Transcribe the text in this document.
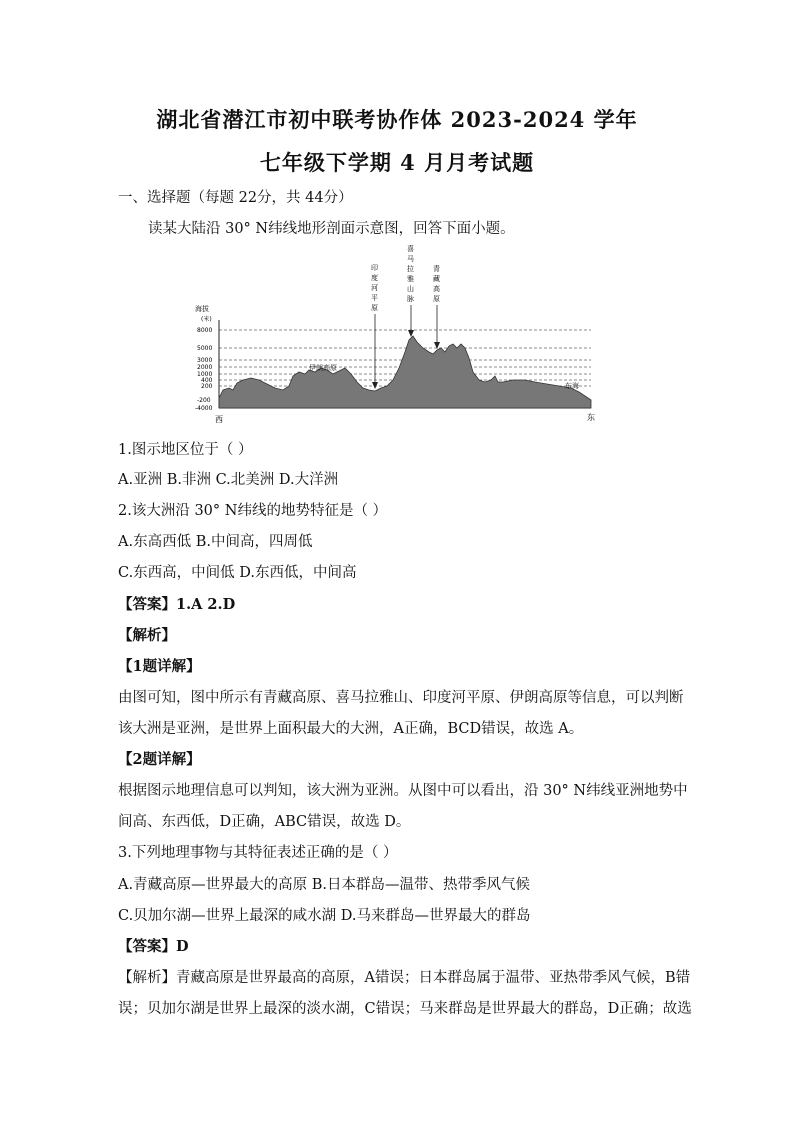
湖北省潜江市初中联考协作体 2023-2024 学年
七年级下学期 4 月月考试题
一、选择题（每题 22分，共 44分）
读某大陆沿 30° N纬线地形剖面示意图，回答下面小题。
海拔
(米)
8000
5000
3000
2000
1000
400
200
-200
-4000
西	东
印
度
河
平
原
喜
马
拉
雅
山
脉
青
藏
高
原
伊朗高原
东海
1.图示地区位于（ ）
A.亚洲 B.非洲 C.北美洲 D.大洋洲
2.该大洲沿 30° N纬线的地势特征是（ ）
A.东高西低 B.中间高，四周低
C.东西高，中间低 D.东西低，中间高
【答案】1.A 2.D
【解析】
【1题详解】
由图可知，图中所示有青藏高原、喜马拉雅山、印度河平原、伊朗高原等信息，可以判断
该大洲是亚洲，是世界上面积最大的大洲，A正确，BCD错误，故选 A。
【2题详解】
根据图示地理信息可以判知，该大洲为亚洲。从图中可以看出，沿 30° N纬线亚洲地势中
间高、东西低，D正确，ABC错误，故选 D。
3.下列地理事物与其特征表述正确的是（ ）
A.青藏高原—世界最大的高原 B.日本群岛—温带、热带季风气候
C.贝加尔湖—世界上最深的咸水湖 D.马来群岛—世界最大的群岛
【答案】D
【解析】青藏高原是世界最高的高原，A错误；日本群岛属于温带、亚热带季风气候，B错
误；贝加尔湖是世界上最深的淡水湖，C错误；马来群岛是世界最大的群岛，D正确；故选
